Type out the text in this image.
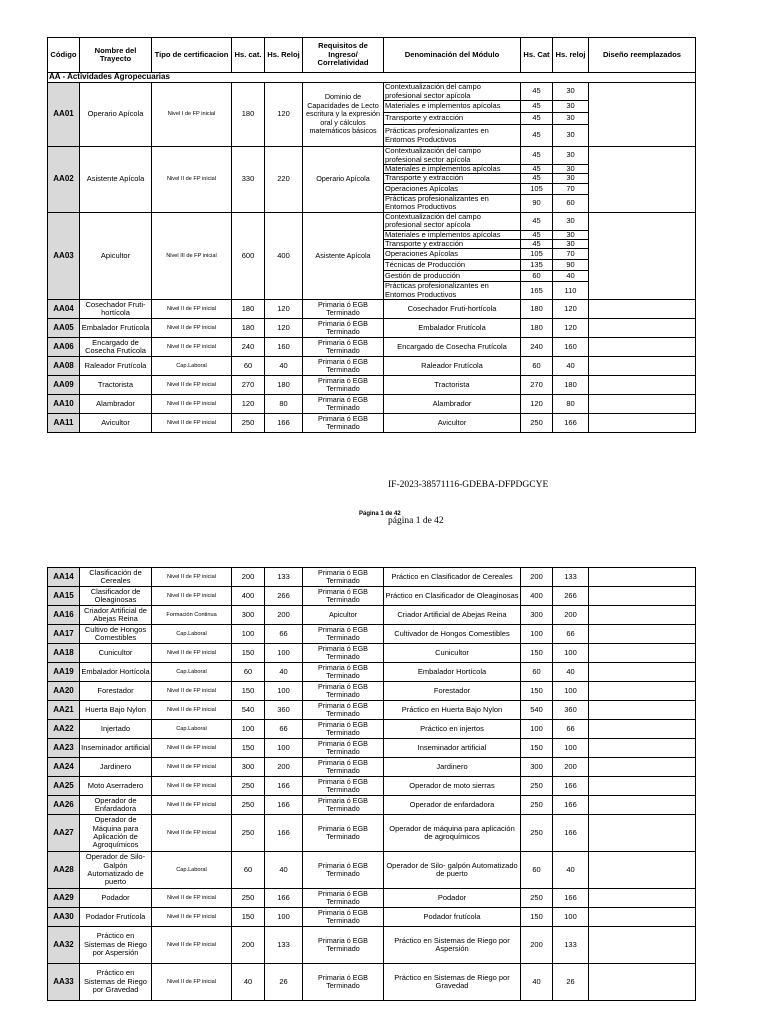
Código	Nombre del Trayecto	Tipo de certificacion	Hs. cat.	Hs. Reloj	Requisitos de Ingreso/ Correlatividad	Denominación del Módulo	Hs. Cat	Hs. reloj	Diseño reemplazados
AA - Actividades Agropecuarias									
AA01	Operario Apícola	Nivel I de FP inicial	180	120	Dominio de Capacidades de Lecto escritura y la expresión oral y cálculos matemáticos básicos	Contextualización del campo profesional sector apícola	45	30	
						Materiales e implementos apícolas	45	30	
						Transporte y extracción	45	30	
						Prácticas profesionalizantes en Entornos Productivos	45	30	
AA02	Asistente Apícola	Nivel II de FP inicial	330	220	Operario Apícola	Contextualización del campo profesional sector apícola	45	30	
						Materiales e implementos apícolas	45	30	
						Transporte y extracción	45	30	
						Operaciones Apícolas	105	70	
						Prácticas profesionalizantes en Entornos Productivos	90	60	
AA03	Apicultor	Nivel III de FP inicial	600	400	Asistente Apícola	Contextualización del campo profesional sector apícola	45	30	
						Materiales e implementos apícolas	45	30	
						Transporte y extracción	45	30	
						Operaciones Apícolas	105	70	
						Técnicas de Producción	135	90	
						Gestión de producción	60	40	
						Prácticas profesionalizantes en Entornos Productivos	165	110	
AA04	Cosechador Fruti-hortícola	Nivel II de FP inicial	180	120	Primaria ó EGB Terminado	Cosechador Fruti-hortícola	180	120	
AA05	Embalador Frutícola	Nivel II de FP inicial	180	120	Primaria ó EGB Terminado	Embalador Frutícola	180	120	
AA06	Encargado de Cosecha Frutícola	Nivel II de FP inicial	240	160	Primaria ó EGB Terminado	Encargado de Cosecha Frutícola	240	160	
AA08	Raleador Frutícola	Cap.Laboral	60	40	Primaria ó EGB Terminado	Raleador Frutícola	60	40	
AA09	Tractorista	Nivel II de FP inicial	270	180	Primaria ó EGB Terminado	Tractorista	270	180	
AA10	Alambrador	Nivel II de FP inicial	120	80	Primaria ó EGB Terminado	Alambrador	120	80	
AA11	Avicultor	Nivel II de FP inicial	250	166	Primaria ó EGB Terminado	Avicultor	250	166	
IF-2023-38571116-GDEBA-DFPDGCYE
Página 1 de 42
página 1 de 42
AA14	Clasificación de Cereales	Nivel II de FP inicial	200	133	Primaria ó EGB Terminado	Práctico en Clasificador de Cereales	200	133	
AA15	Clasificador de Oleaginosas	Nivel II de FP inicial	400	266	Primaria ó EGB Terminado	Práctico en Clasificador de Oleaginosas	400	266	
AA16	Criador Artificial de Abejas Reina	Formación Continua	300	200	Apicultor	Criador Artificial de Abejas Reina	300	200	
AA17	Cultivo de Hongos Comestibles	Cap.Laboral	100	66	Primaria ó EGB Terminado	Cultivador de Hongos Comestibles	100	66	
AA18	Cunicultor	Nivel II de FP inicial	150	100	Primaria ó EGB Terminado	Cunicultor	150	100	
AA19	Embalador Hortícola	Cap.Laboral	60	40	Primaria ó EGB Terminado	Embalador Hortícola	60	40	
AA20	Forestador	Nivel II de FP inicial	150	100	Primaria ó EGB Terminado	Forestador	150	100	
AA21	Huerta Bajo Nylon	Nivel II de FP inicial	540	360	Primaria ó EGB Terminado	Práctico en Huerta Bajo Nylon	540	360	
AA22	Injertado	Cap.Laboral	100	66	Primaria ó EGB Terminado	Práctico en injertos	100	66	
AA23	Inseminador artificial	Nivel II de FP inicial	150	100	Primaria ó EGB Terminado	Inseminador artificial	150	100	
AA24	Jardinero	Nivel II de FP inicial	300	200	Primaria ó EGB Terminado	Jardinero	300	200	
AA25	Moto Aserradero	Nivel II de FP inicial	250	166	Primaria ó EGB Terminado	Operador de moto sierras	250	166	
AA26	Operador de Enfardadora	Nivel II de FP inicial	250	166	Primaria ó EGB Terminado	Operador de enfardadora	250	166	
AA27	Operador de Máquina para Aplicación de Agroquímicos	Nivel II de FP inicial	250	166	Primaria ó EGB Terminado	Operador de máquina para aplicación de agroquímicos	250	166	
AA28	Operador de Silo-Galpón Automatizado de puerto	Cap.Laboral	60	40	Primaria ó EGB Terminado	Operador de Silo- galpón Automatizado de puerto	60	40	
AA29	Podador	Nivel II de FP inicial	250	166	Primaria ó EGB Terminado	Podador	250	166	
AA30	Podador Frutícola	Nivel II de FP inicial	150	100	Primaria ó EGB Terminado	Podador frutícola	150	100	
AA32	Práctico en Sistemas de Riego por Aspersión	Nivel II de FP inicial	200	133	Primaria ó EGB Terminado	Práctico en Sistemas de Riego por Aspersión	200	133	
AA33	Práctico en Sistemas de Riego por Gravedad	Nivel II de FP inicial	40	26	Primaria ó EGB Terminado	Práctico en Sistemas de Riego por Gravedad	40	26	
